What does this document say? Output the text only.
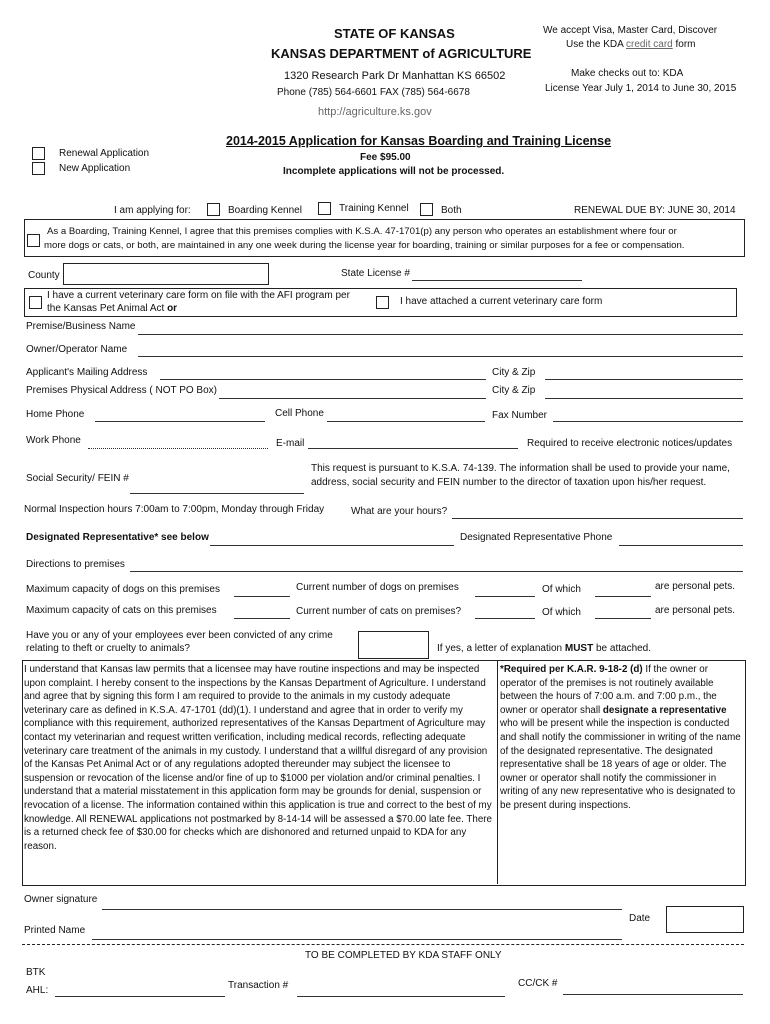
STATE OF KANSAS
KANSAS DEPARTMENT of AGRICULTURE
1320 Research Park Dr Manhattan KS 66502
Phone (785) 564-6601 FAX (785) 564-6678
http://agriculture.ks.gov
We accept Visa, Master Card, Discover
Use the KDA credit card form
Make checks out to: KDA
License Year July 1, 2014 to June 30, 2015
2014-2015 Application for Kansas Boarding and Training License
Fee $95.00
Incomplete applications will not be processed.
Renewal Application
New Application
I am applying for:	Boarding Kennel	Training Kennel	Both	RENEWAL DUE BY: JUNE 30, 2014
As a Boarding, Training Kennel, I agree that this premises complies with K.S.A. 47-1701(p) any person who operates an establishment where four or
more dogs or cats, or both, are maintained in any one week during the license year for boarding, training or similar purposes for a fee or compensation.
County	State License #
I have a current veterinary care form on file with the AFI program per
the Kansas Pet Animal Act or
I have attached a current veterinary care form
Premise/Business Name
Owner/Operator Name
Applicant's Mailing Address	City & Zip
Premises Physical Address ( NOT PO Box)	City & Zip
Home Phone	Cell Phone	Fax Number
Work Phone	E-mail	Required to receive electronic notices/updates
Social Security/ FEIN #
This request is pursuant to K.S.A. 74-139. The information shall be used to provide your name,
address, social security and FEIN number to the director of taxation upon his/her request.
Normal Inspection hours 7:00am to 7:00pm, Monday through Friday	What are your hours?
Designated Representative* see below	Designated Representative Phone
Directions to premises
Maximum capacity of dogs on this premises	Current number of dogs on premises	Of which	are personal pets.
Maximum capacity of cats on this premises	Current number of cats on premises?	Of which	are personal pets.
Have you or any of your employees ever been convicted of any crime
relating to theft or cruelty to animals?	If yes, a letter of explanation MUST be attached.
I understand that Kansas law permits that a licensee may have routine inspections and may be inspected upon complaint. I hereby consent to the inspections by the Kansas Department of Agriculture. I understand and agree that by signing this form I am required to provide to the animals in my custody adequate veterinary care as defined in K.S.A. 47-1701 (dd)(1). I understand and agree that in order to verify my compliance with this requirement, authorized representatives of the Kansas Department of Agriculture may contact my veterinarian and request written verification, including medical records, reflecting adequate veterinary care treatment of the animals in my custody. I understand that a willful disregard of any provision of the Kansas Pet Animal Act or of any regulations adopted thereunder may subject the licensee to suspension or revocation of the license and/or fine of up to $1000 per violation and/or criminal penalties. I understand that a material misstatement in this application form may be grounds for denial, suspension or revocation of a license. The information contained within this application is true and correct to the best of my knowledge. All RENEWAL applications not postmarked by 8-14-14 will be assessed a $70.00 late fee. There is a returned check fee of $30.00 for checks which are dishonored and returned unpaid to KDA for any reason.
*Required per K.A.R. 9-18-2 (d) If the owner or operator of the premises is not routinely available between the hours of 7:00 a.m. and 7:00 p.m., the owner or operator shall designate a representative who will be present while the inspection is conducted and shall notify the commissioner in writing of the name of the designated representative. The designated representative shall be 18 years of age or older. The owner or operator shall notify the commissioner in writing of any new representative who is designated to be present during inspections.
Owner signature
Printed Name
Date
TO BE COMPLETED BY KDA STAFF ONLY
BTK
AHL:	Transaction #	CC/CK #
